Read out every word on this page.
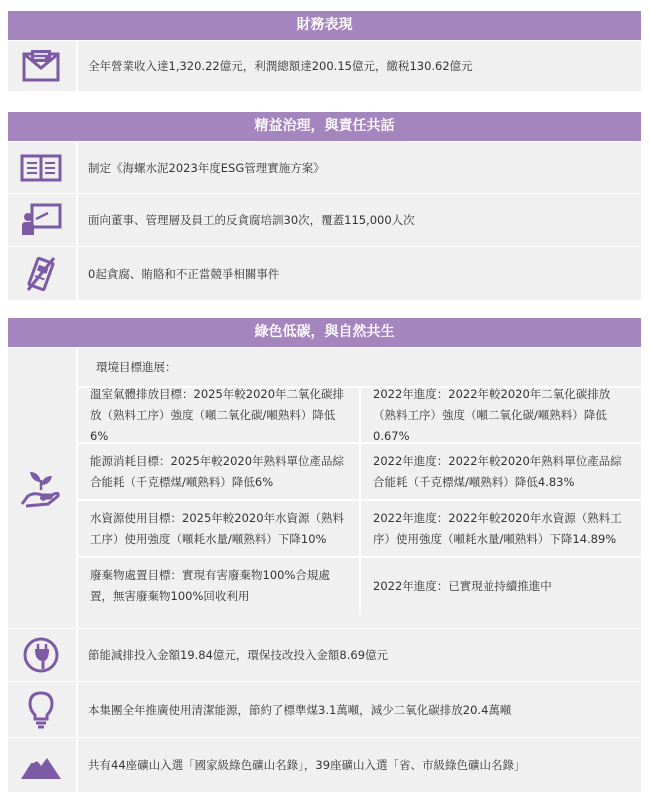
財務表現
全年營業收入達1,320.22億元，利潤總額達200.15億元，繳税130.62億元
精益治理，與責任共話
制定《海螺水泥2023年度ESG管理實施方案》
面向董事、管理層及員工的反貪腐培訓30次，覆蓋115,000人次
0起貪腐、賄賂和不正當競爭相關事件
綠色低碳，與自然共生
環境目標進展：
溫室氣體排放目標：2025年較2020年二氧化碳排放（熟料工序）強度（噸二氧化碳/噸熟料）降低6%
2022年進度：2022年較2020年二氧化碳排放（熟料工序）強度（噸二氧化碳/噸熟料）降低0.67%
能源消耗目標：2025年較2020年熟料單位產品綜合能耗（千克標煤/噸熟料）降低6%
2022年進度：2022年較2020年熟料單位產品綜合能耗（千克標煤/噸熟料）降低4.83%
水資源使用目標：2025年較2020年水資源（熟料工序）使用強度（噸耗水量/噸熟料）下降10%
2022年進度：2022年較2020年水資源（熟料工序）使用強度（噸耗水量/噸熟料）下降14.89%
廢棄物處置目標：實現有害廢棄物100%合規處置，無害廢棄物100%回收利用
2022年進度：已實現並持續推進中
節能減排投入金額19.84億元，環保技改投入金額8.69億元
本集團全年推廣使用清潔能源，節約了標準煤3.1萬噸，減少二氧化碳排放20.4萬噸
共有44座礦山入選「國家級綠色礦山名錄」，39座礦山入選「省、市級綠色礦山名錄」
